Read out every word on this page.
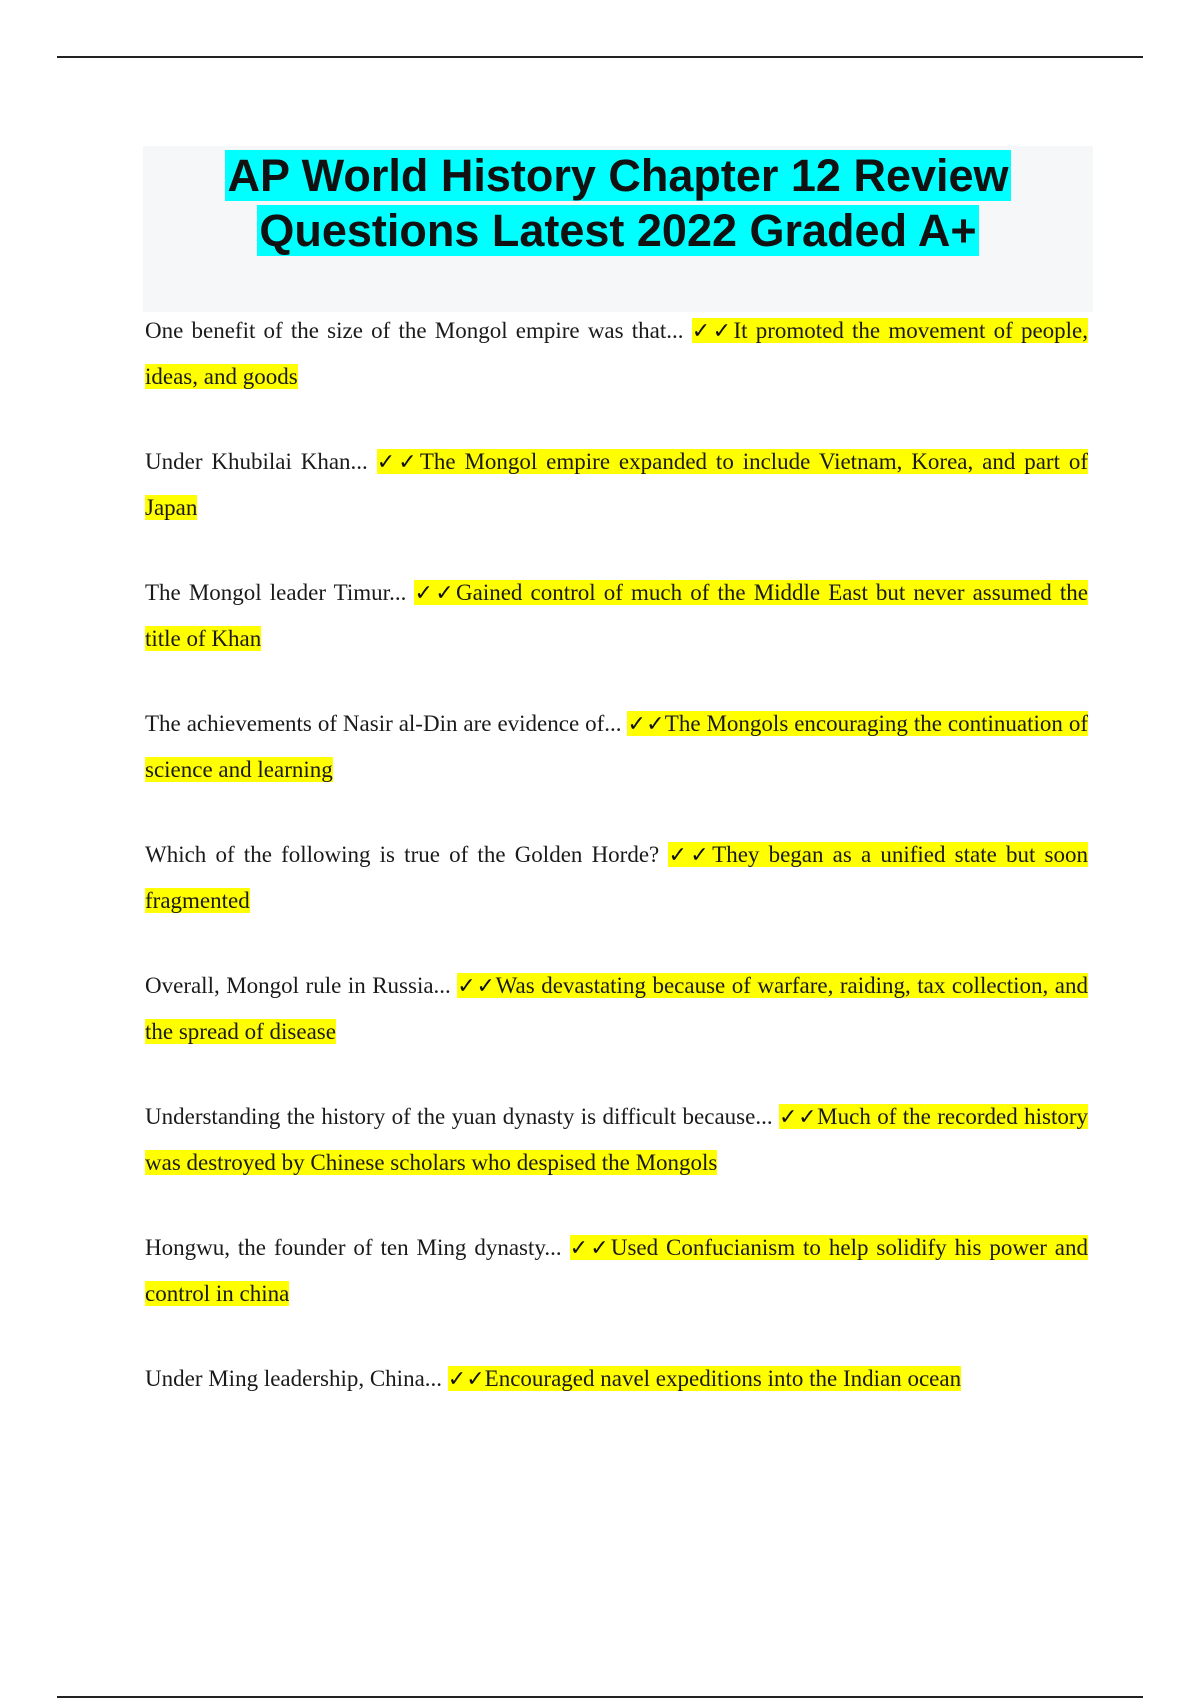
AP World History Chapter 12 Review
Questions Latest 2022 Graded A+

One benefit of the size of the Mongol empire was that... ✓✓It promoted the movement of people, ideas, and goods

Under Khubilai Khan... ✓✓The Mongol empire expanded to include Vietnam, Korea, and part of Japan

The Mongol leader Timur... ✓✓Gained control of much of the Middle East but never assumed the title of Khan

The achievements of Nasir al-Din are evidence of... ✓✓The Mongols encouraging the continuation of science and learning

Which of the following is true of the Golden Horde? ✓✓They began as a unified state but soon fragmented

Overall, Mongol rule in Russia... ✓✓Was devastating because of warfare, raiding, tax collection, and the spread of disease

Understanding the history of the yuan dynasty is difficult because... ✓✓Much of the recorded history was destroyed by Chinese scholars who despised the Mongols

Hongwu, the founder of ten Ming dynasty... ✓✓Used Confucianism to help solidify his power and control in china

Under Ming leadership, China... ✓✓Encouraged navel expeditions into the Indian ocean
